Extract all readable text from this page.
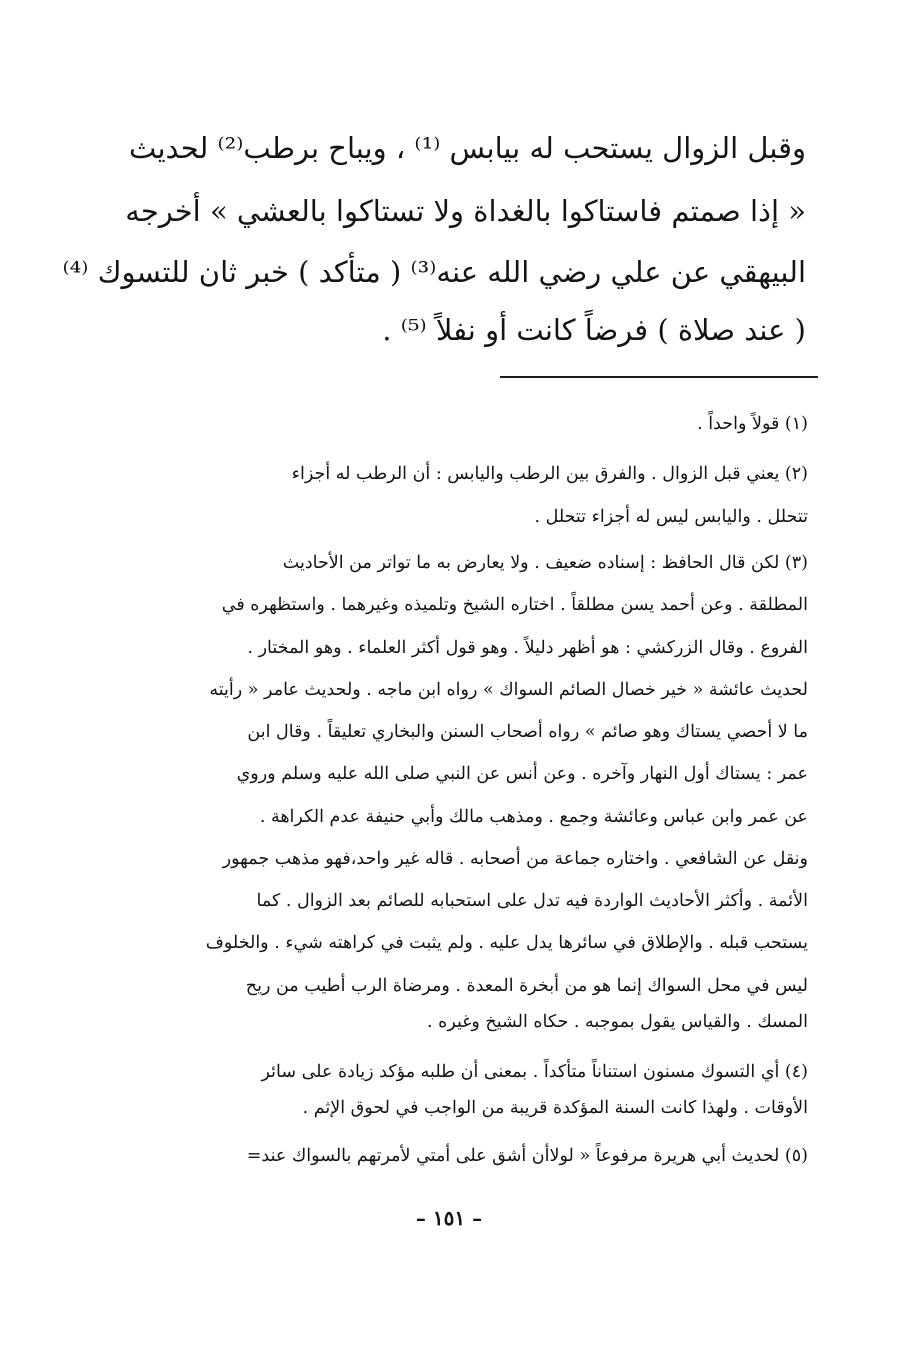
وقبل الزوال يستحب له بيابس ⁽¹⁾ ، ويباح برطب⁽²⁾ لحديث
« إذا صمتم فاستاكوا بالغداة ولا تستاكوا بالعشي » أخرجه
البيهقي عن علي رضي الله عنه⁽³⁾ ( متأكد ) خبر ثان للتسوك ⁽⁴⁾
( عند صلاة ) فرضاً كانت أو نفلاً ⁽⁵⁾ .
(١) قولاً واحداً .
(٢) يعني قبل الزوال . والفرق بين الرطب واليابس : أن الرطب له أجزاء
تتحلل . واليابس ليس له أجزاء تتحلل .
(٣) لكن قال الحافظ : إسناده ضعيف . ولا يعارض به ما تواتر من الأحاديث
المطلقة . وعن أحمد يسن مطلقاً . اختاره الشيخ وتلميذه وغيرهما . واستظهره في
الفروع . وقال الزركشي : هو أظهر دليلاً . وهو قول أكثر العلماء . وهو المختار .
لحديث عائشة « خير خصال الصائم السواك » رواه ابن ماجه . ولحديث عامر « رأيته
ما لا أحصي يستاك وهو صائم » رواه أصحاب السنن والبخاري تعليقاً . وقال ابن
عمر : يستاك أول النهار وآخره . وعن أنس عن النبي صلى الله عليه وسلم وروي
عن عمر وابن عباس وعائشة وجمع . ومذهب مالك وأبي حنيفة عدم الكراهة .
ونقل عن الشافعي . واختاره جماعة من أصحابه . قاله غير واحد،فهو مذهب جمهور
الأئمة . وأكثر الأحاديث الواردة فيه تدل على استحبابه للصائم بعد الزوال . كما
يستحب قبله . والإطلاق في سائرها يدل عليه . ولم يثبت في كراهته شيء . والخلوف
ليس في محل السواك إنما هو من أبخرة المعدة . ومرضاة الرب أطيب من ريح
المسك . والقياس يقول بموجبه . حكاه الشيخ وغيره .
(٤) أي التسوك مسنون استناناً متأكداً . بمعنى أن طلبه مؤكد زيادة على سائر
الأوقات . ولهذا كانت السنة المؤكدة قريبة من الواجب في لحوق الإثم .
(٥) لحديث أبي هريرة مرفوعاً « لولاأن أشق على أمتي لأمرتهم بالسواك عند=
– ١٥١ –
